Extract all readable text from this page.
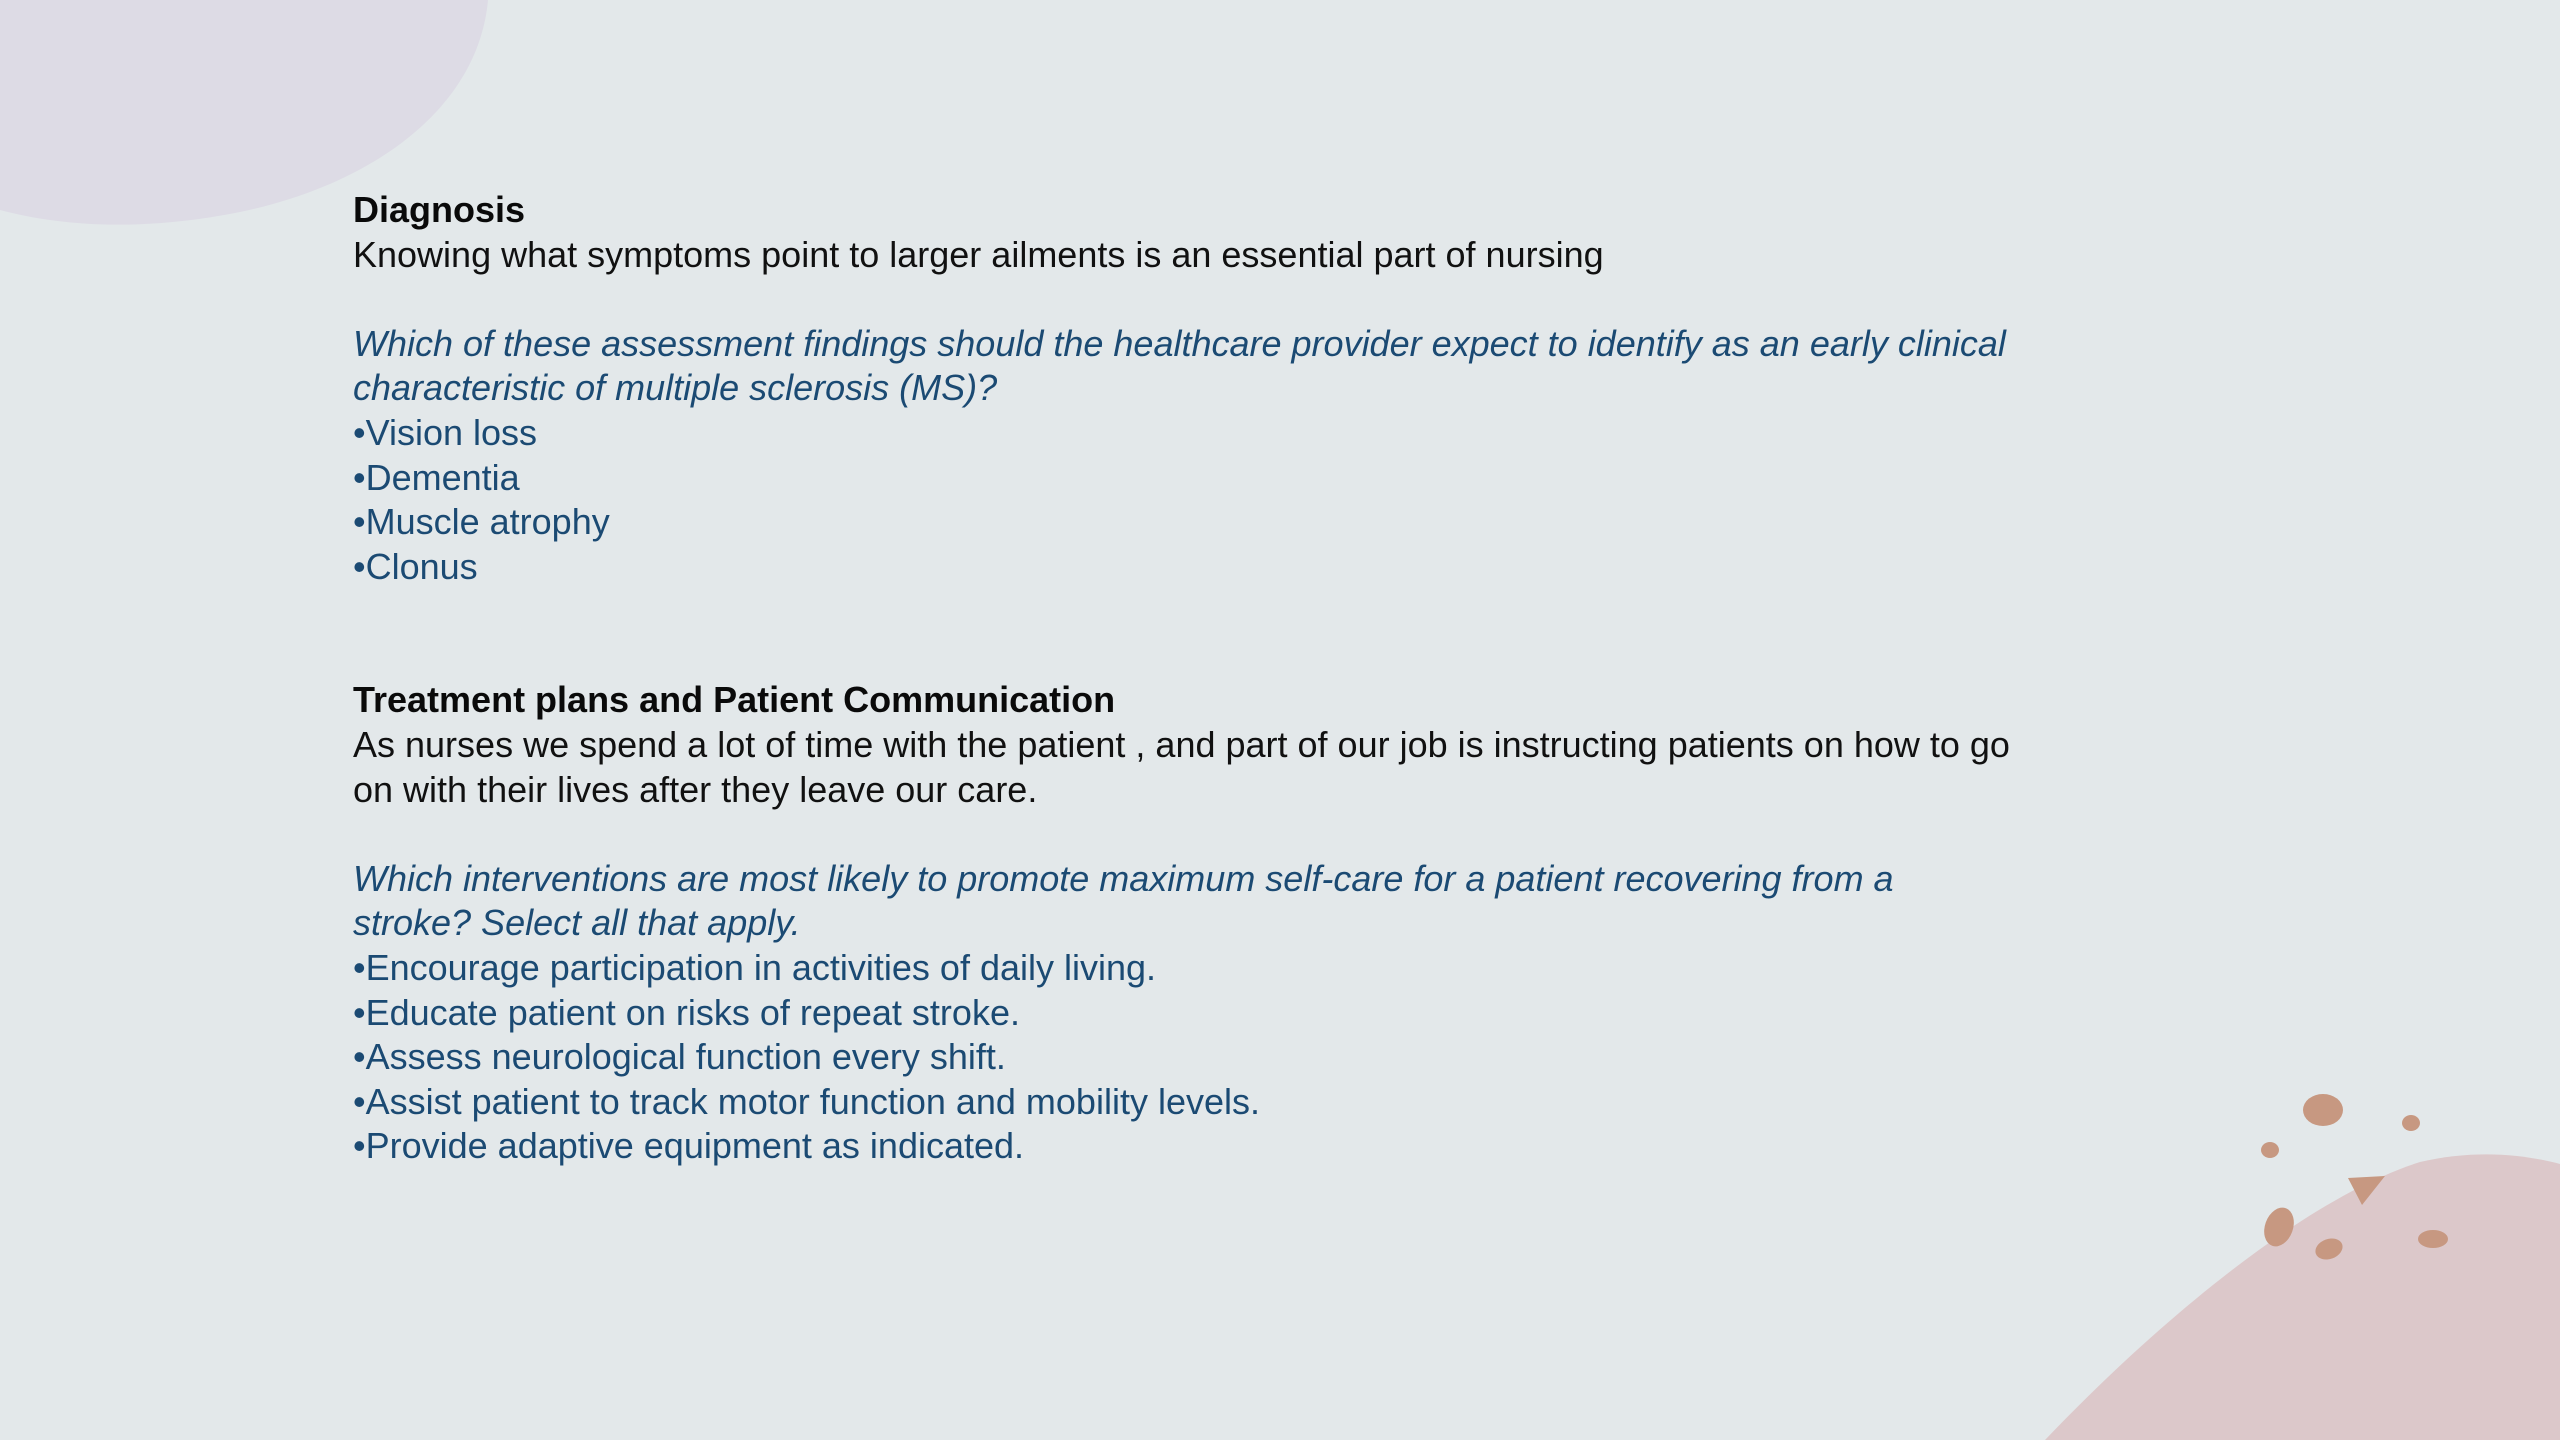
Diagnosis

Knowing what symptoms point to larger ailments is an essential part of nursing

Which of these assessment findings should the healthcare provider expect to identify as an early clinical characteristic of multiple sclerosis (MS)?

•Vision loss

•Dementia

•Muscle atrophy

•Clonus

Treatment plans and Patient Communication

As nurses we spend a lot of time with the patient , and part of our job is instructing patients on how to go on with their lives after they leave our care.

Which interventions are most likely to promote maximum self-care for a patient recovering from a stroke? Select all that apply.

•Encourage participation in activities of daily living.

•Educate patient on risks of repeat stroke.

•Assess neurological function every shift.

•Assist patient to track motor function and mobility levels.

•Provide adaptive equipment as indicated.
